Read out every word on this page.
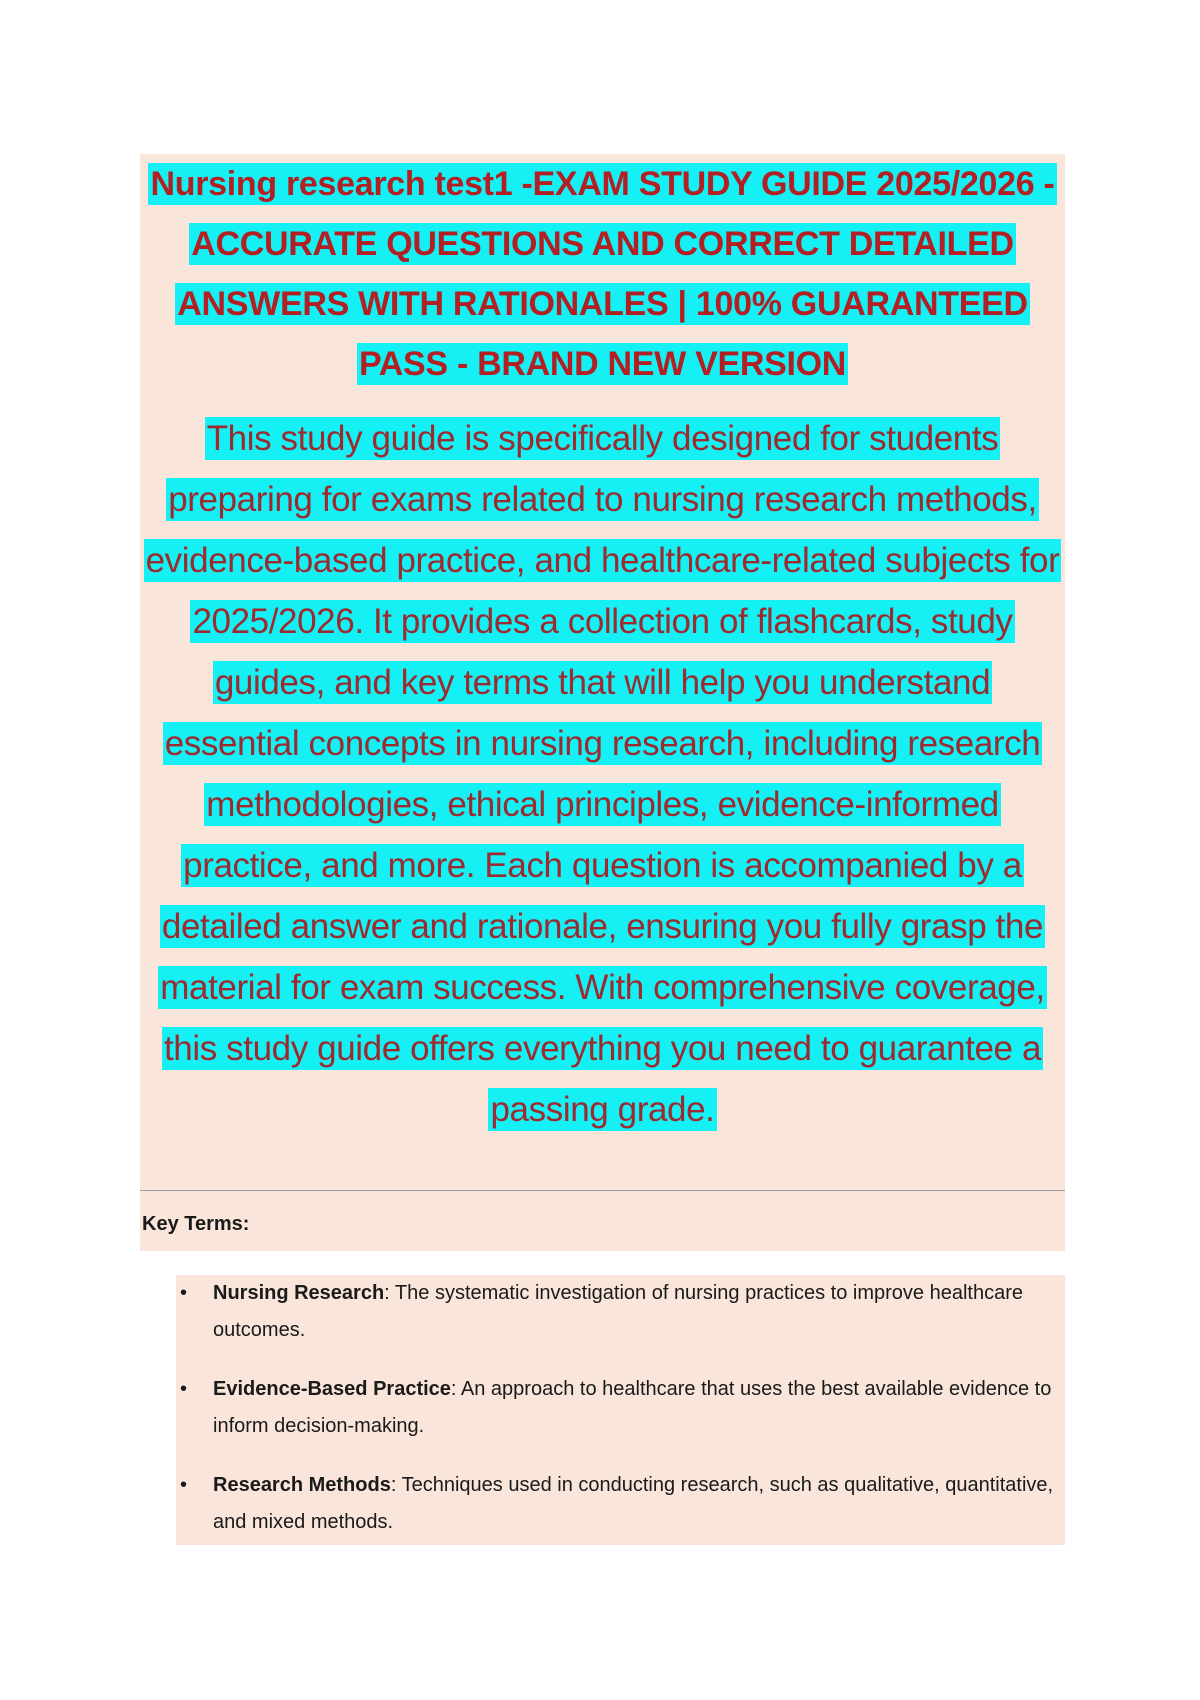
Nursing research test1 -EXAM STUDY GUIDE 2025/2026 - ACCURATE QUESTIONS AND CORRECT DETAILED ANSWERS WITH RATIONALES | 100% GUARANTEED PASS - BRAND NEW VERSION

This study guide is specifically designed for students preparing for exams related to nursing research methods, evidence-based practice, and healthcare-related subjects for 2025/2026. It provides a collection of flashcards, study guides, and key terms that will help you understand essential concepts in nursing research, including research methodologies, ethical principles, evidence-informed practice, and more. Each question is accompanied by a detailed answer and rationale, ensuring you fully grasp the material for exam success. With comprehensive coverage, this study guide offers everything you need to guarantee a passing grade.

Key Terms:
• Nursing Research: The systematic investigation of nursing practices to improve healthcare outcomes.
• Evidence-Based Practice: An approach to healthcare that uses the best available evidence to inform decision-making.
• Research Methods: Techniques used in conducting research, such as qualitative, quantitative, and mixed methods.
